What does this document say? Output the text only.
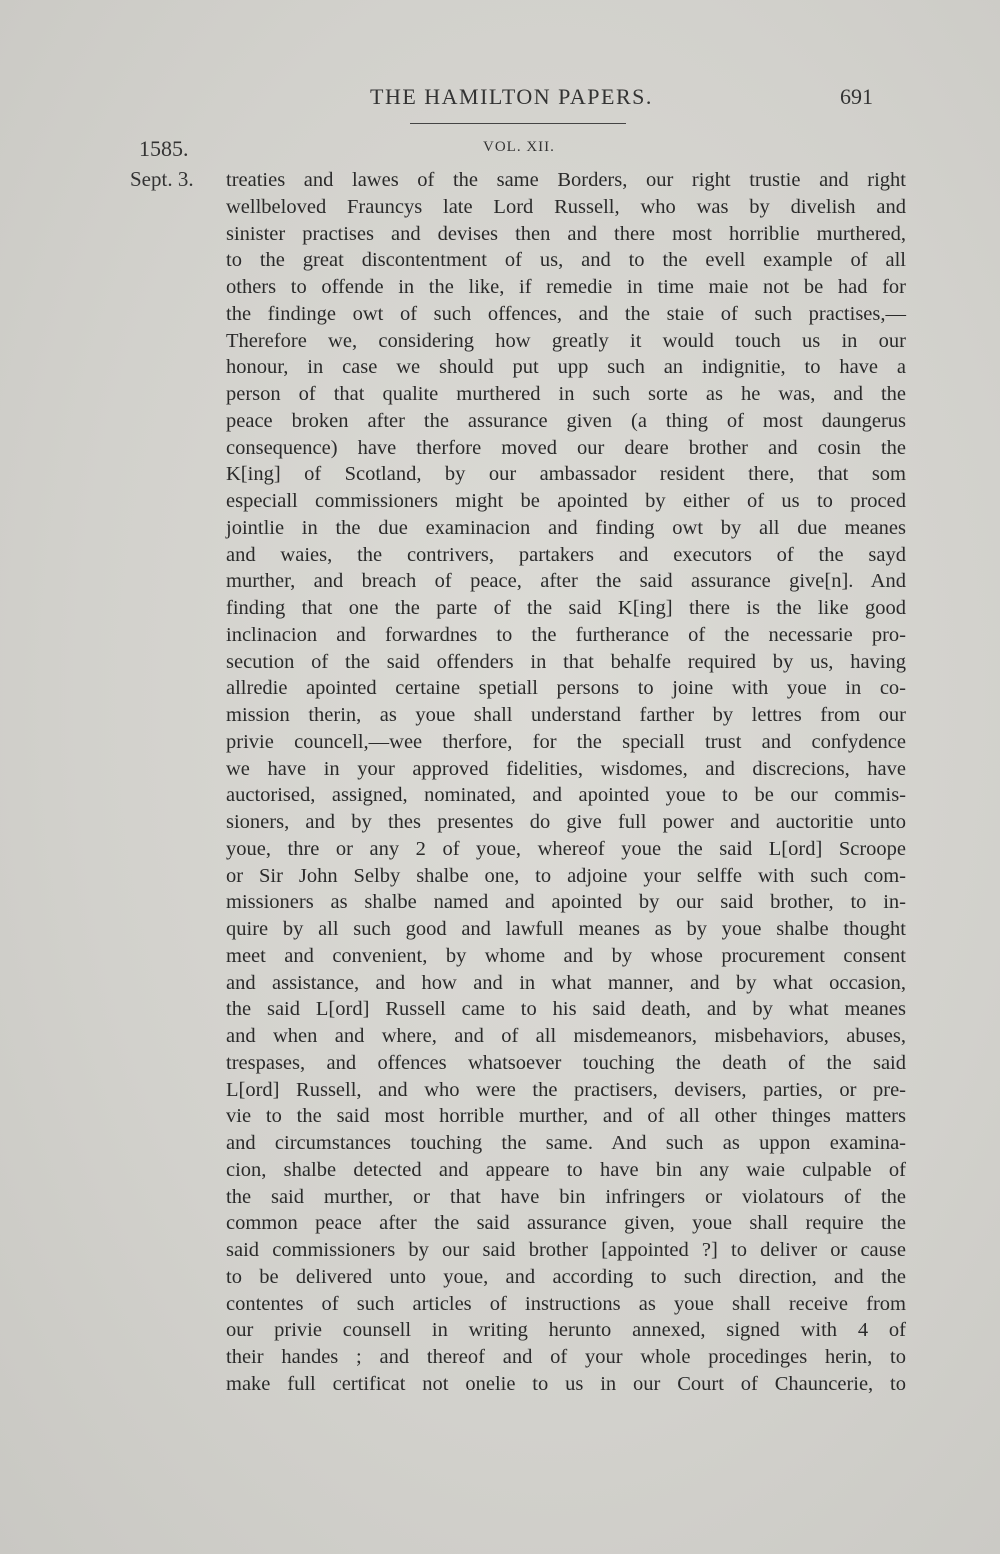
THE HAMILTON PAPERS.	691
1585.	VOL. XII.
Sept. 3. treaties and lawes of the same Borders, our right trustie and right
wellbeloved Frauncys late Lord Russell, who was by divelish and
sinister practises and devises then and there most horriblie murthered,
to the great discontentment of us, and to the evell example of all
others to offende in the like, if remedie in time maie not be had for
the findinge owt of such offences, and the staie of such practises,—
Therefore we, considering how greatly it would touch us in our
honour, in case we should put upp such an indignitie, to have a
person of that qualite murthered in such sorte as he was, and the
peace broken after the assurance given (a thing of most daungerus
consequence) have therfore moved our deare brother and cosin the
K[ing] of Scotland, by our ambassador resident there, that som
especiall commissioners might be apointed by either of us to proced
jointlie in the due examinacion and finding owt by all due meanes
and waies, the contrivers, partakers and executors of the sayd
murther, and breach of peace, after the said assurance give[n]. And
finding that one the parte of the said K[ing] there is the like good
inclinacion and forwardnes to the furtherance of the necessarie pro-
secution of the said offenders in that behalfe required by us, having
allredie apointed certaine spetiall persons to joine with youe in co-
mission therin, as youe shall understand farther by lettres from our
privie councell,—wee therfore, for the speciall trust and confydence
we have in your approved fidelities, wisdomes, and discrecions, have
auctorised, assigned, nominated, and apointed youe to be our commis-
sioners, and by thes presentes do give full power and auctoritie unto
youe, thre or any 2 of youe, whereof youe the said L[ord] Scroope
or Sir John Selby shalbe one, to adjoine your selffe with such com-
missioners as shalbe named and apointed by our said brother, to in-
quire by all such good and lawfull meanes as by youe shalbe thought
meet and convenient, by whome and by whose procurement consent
and assistance, and how and in what manner, and by what occasion,
the said L[ord] Russell came to his said death, and by what meanes
and when and where, and of all misdemeanors, misbehaviors, abuses,
trespases, and offences whatsoever touching the death of the said
L[ord] Russell, and who were the practisers, devisers, parties, or pre-
vie to the said most horrible murther, and of all other thinges matters
and circumstances touching the same. And such as uppon examina-
cion, shalbe detected and appeare to have bin any waie culpable of
the said murther, or that have bin infringers or violatours of the
common peace after the said assurance given, youe shall require the
said commissioners by our said brother [appointed ?] to deliver or cause
to be delivered unto youe, and according to such direction, and the
contentes of such articles of instructions as youe shall receive from
our privie counsell in writing herunto annexed, signed with 4 of
their handes ; and thereof and of your whole procedinges herin, to
make full certificat not onelie to us in our Court of Chauncerie, to
